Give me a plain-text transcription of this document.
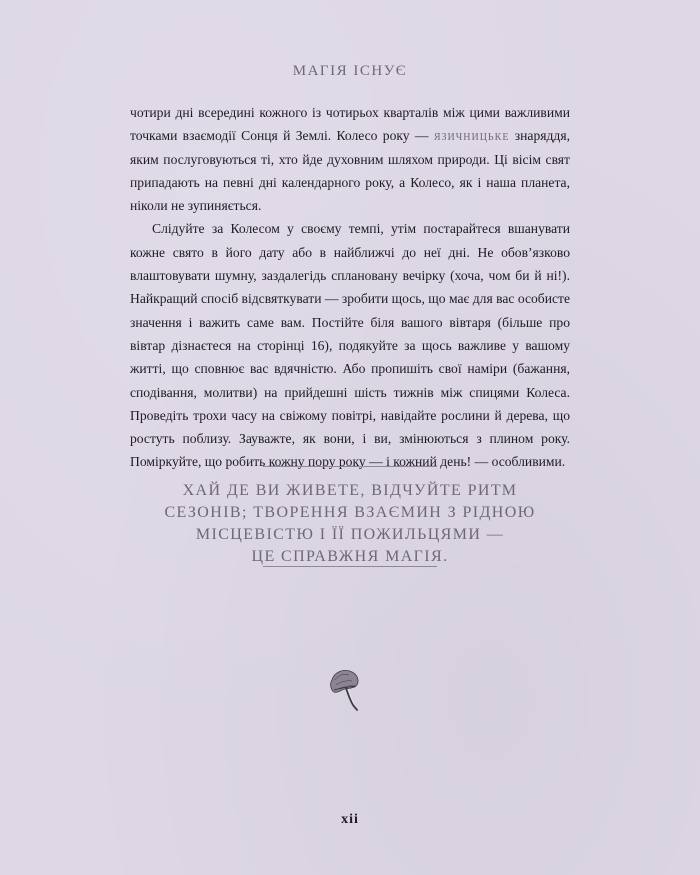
МАГІЯ ІСНУЄ

чотири дні всередині кожного із чотирьох кварталів між цими важливими точками взаємодії Сонця й Землі. Колесо року — язичницьке знаряддя, яким послуговуються ті, хто йде духовним шляхом природи. Ці вісім свят припадають на певні дні календарного року, а Колесо, як і наша планета, ніколи не зупиняється.

Слідуйте за Колесом у своєму темпі, утім постарайтеся вшанувати кожне свято в його дату або в найближчі до неї дні. Не обов’язково влаштовувати шумну, заздалегідь сплановану вечірку (хоча, чом би й ні!). Найкращий спосіб відсвяткувати — зробити щось, що має для вас особисте значення і важить саме вам. Постійте біля вашого вівтаря (більше про вівтар дізнаєтеся на сторінці 16), подякуйте за щось важливе у вашому житті, що сповнює вас вдячністю. Або пропишіть свої наміри (бажання, сподівання, молитви) на прийдешні шість тижнів між спицями Колеса. Проведіть трохи часу на свіжому повітрі, навідайте рослини й дерева, що ростуть поблизу. Зауважте, як вони, і ви, змінюються з плином року. Поміркуйте, що робить кожну пору року — і кожний день! — особливими.

ХАЙ ДЕ ВИ ЖИВЕТЕ, ВІДЧУЙТЕ РИТМ
СЕЗОНІВ; ТВОРЕННЯ ВЗАЄМИН З РІДНОЮ
МІСЦЕВІСТЮ І ЇЇ ПОЖИЛЬЦЯМИ —
ЦЕ СПРАВЖНЯ МАГІЯ.
xii
